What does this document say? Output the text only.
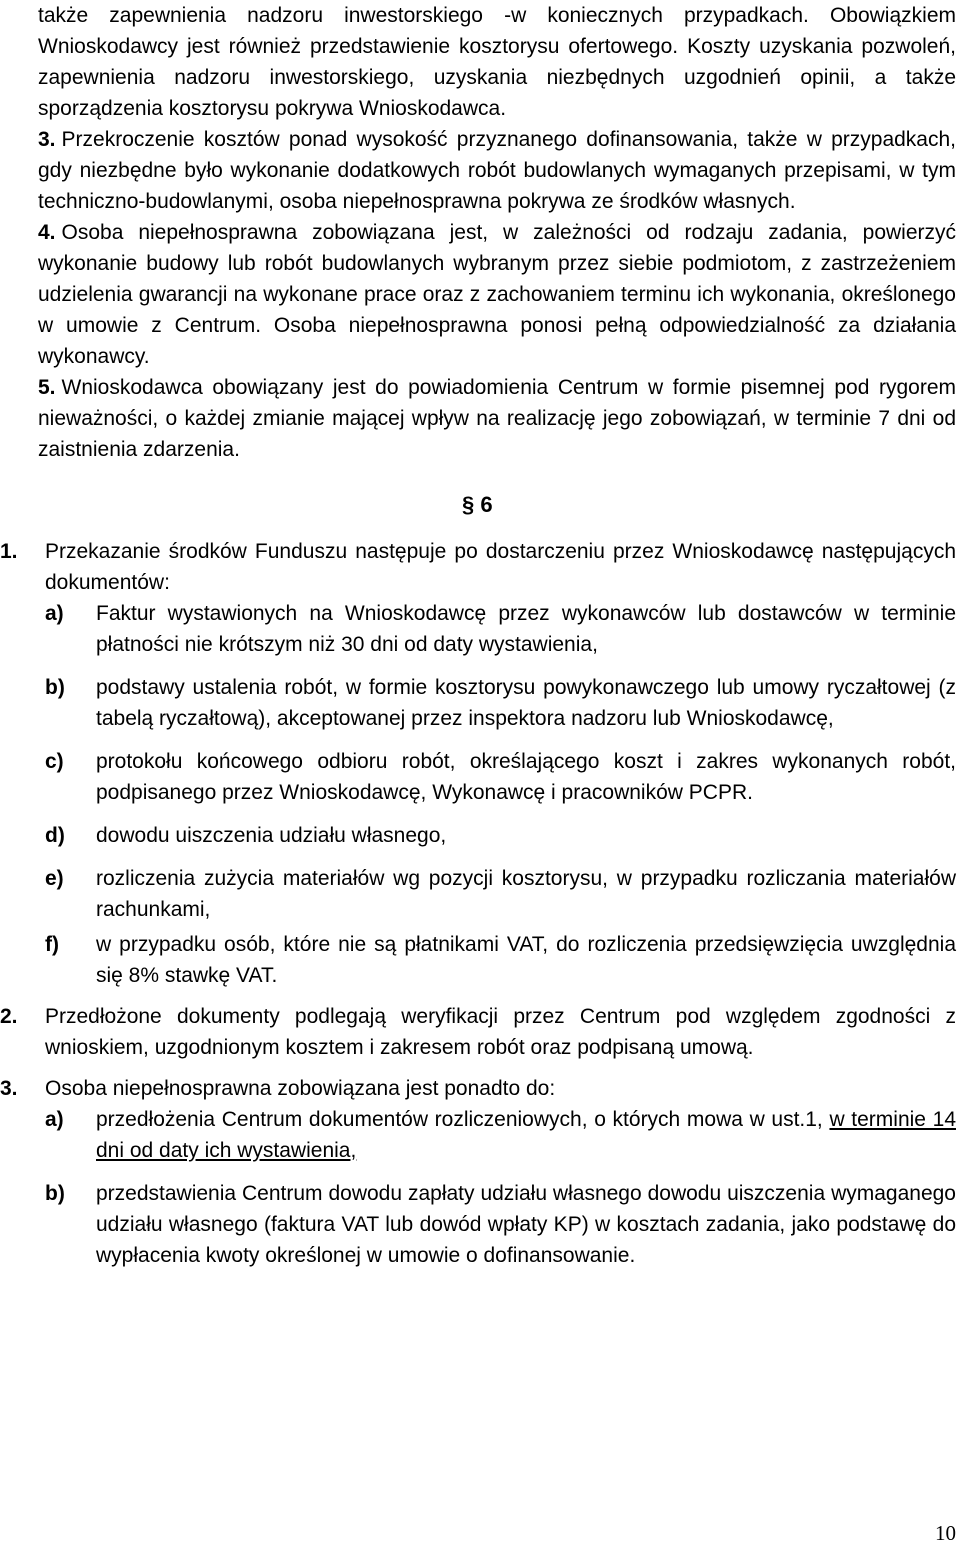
także zapewnienia nadzoru inwestorskiego -w koniecznych przypadkach. Obowiązkiem Wnioskodawcy jest również przedstawienie kosztorysu ofertowego. Koszty uzyskania pozwoleń, zapewnienia nadzoru inwestorskiego, uzyskania niezbędnych uzgodnień opinii, a także sporządzenia kosztorysu pokrywa Wnioskodawca.

3. Przekroczenie kosztów ponad wysokość przyznanego dofinansowania, także w przypadkach, gdy niezbędne było wykonanie dodatkowych robót budowlanych wymaganych przepisami, w tym techniczno-budowlanymi, osoba niepełnosprawna pokrywa ze środków własnych.
4. Osoba niepełnosprawna zobowiązana jest, w zależności od rodzaju zadania, powierzyć wykonanie budowy lub robót budowlanych wybranym przez siebie podmiotom, z zastrzeżeniem udzielenia gwarancji na wykonane prace oraz z zachowaniem terminu ich wykonania, określonego w umowie z Centrum. Osoba niepełnosprawna ponosi pełną odpowiedzialność za działania wykonawcy.
5. Wnioskodawca obowiązany jest do powiadomienia Centrum w formie pisemnej pod rygorem nieważności, o każdej zmianie mającej wpływ na realizację jego zobowiązań, w terminie 7 dni od zaistnienia zdarzenia.
§ 6
1.	Przekazanie środków Funduszu następuje po dostarczeniu przez Wnioskodawcę następujących dokumentów:
a) Faktur wystawionych na Wnioskodawcę przez wykonawców lub dostawców w terminie płatności nie krótszym niż 30 dni od daty wystawienia,
b) podstawy ustalenia robót, w formie kosztorysu powykonawczego lub umowy ryczałtowej (z tabelą ryczałtową), akceptowanej przez inspektora nadzoru lub Wnioskodawcę,
c) protokołu końcowego odbioru robót, określającego koszt i zakres wykonanych robót, podpisanego przez Wnioskodawcę, Wykonawcę i pracowników PCPR.
d) dowodu uiszczenia udziału własnego,
e) rozliczenia zużycia materiałów wg pozycji kosztorysu, w przypadku rozliczania materiałów rachunkami,
f) w przypadku osób, które nie są płatnikami VAT, do rozliczenia przedsięwzięcia uwzględnia się 8% stawkę VAT.
2.	Przedłożone dokumenty podlegają weryfikacji przez Centrum pod względem zgodności z wnioskiem, uzgodnionym kosztem i zakresem robót oraz podpisaną umową.
3.	Osoba niepełnosprawna zobowiązana jest ponadto do:
a) przedłożenia Centrum dokumentów rozliczeniowych, o których mowa w ust.1, w terminie 14 dni od daty ich wystawienia,
b) przedstawienia Centrum dowodu zapłaty udziału własnego dowodu uiszczenia wymaganego udziału własnego (faktura VAT lub dowód wpłaty KP) w kosztach zadania, jako podstawę do wypłacenia kwoty określonej w umowie o dofinansowanie.
10
